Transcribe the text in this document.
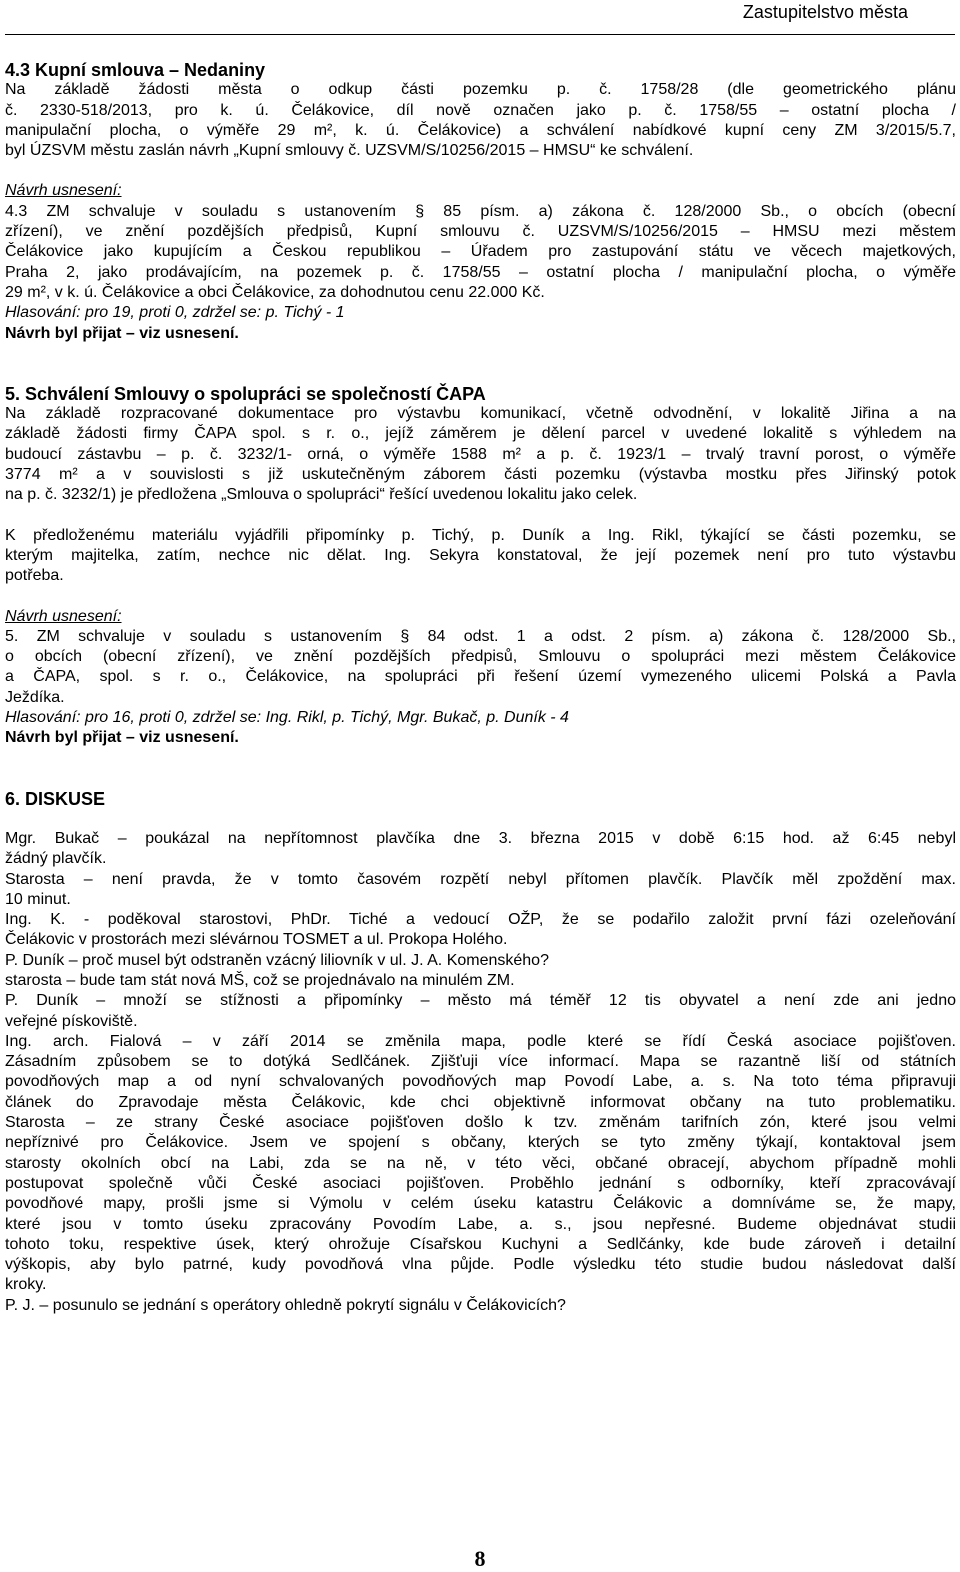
Zastupitelstvo města

4.3 Kupní smlouva – Nedaniny

Na základě žádosti města o odkup části pozemku p. č. 1758/28 (dle geometrického plánu

č. 2330-518/2013, pro k. ú. Čelákovice, díl nově označen jako p. č. 1758/55 – ostatní plocha /

manipulační plocha, o výměře 29 m², k. ú. Čelákovice) a schválení nabídkové kupní ceny ZM 3/2015/5.7,

byl ÚZSVM městu zaslán návrh „Kupní smlouvy č. UZSVM/S/10256/2015 – HMSU“ ke schválení.

Návrh usnesení:

4.3 ZM schvaluje v souladu s ustanovením § 85 písm. a) zákona č. 128/2000 Sb., o obcích (obecní

zřízení), ve znění pozdějších předpisů, Kupní smlouvu č. UZSVM/S/10256/2015 – HMSU mezi městem

Čelákovice jako kupujícím a Českou republikou – Úřadem pro zastupování státu ve věcech majetkových,

Praha 2, jako prodávajícím, na pozemek p. č. 1758/55 – ostatní plocha / manipulační plocha, o výměře

29 m², v k. ú. Čelákovice a obci Čelákovice, za dohodnutou cenu 22.000 Kč.

Hlasování: pro 19, proti 0, zdržel se: p. Tichý - 1

Návrh byl přijat – viz usnesení.

5. Schválení Smlouvy o spolupráci se společností ČAPA

Na základě rozpracované dokumentace pro výstavbu komunikací, včetně odvodnění, v lokalitě Jiřina a na

základě žádosti firmy ČAPA spol. s r. o., jejíž záměrem je dělení parcel v uvedené lokalitě s výhledem na

budoucí zástavbu – p. č. 3232/1- orná, o výměře 1588 m² a p. č. 1923/1 – trvalý travní porost, o výměře

3774 m² a v souvislosti s již uskutečněným záborem části pozemku (výstavba mostku přes Jiřinský potok

na p. č. 3232/1) je předložena „Smlouva o spolupráci“ řešící uvedenou lokalitu jako celek.

K předloženému materiálu vyjádřili připomínky p. Tichý, p. Duník a Ing. Rikl, týkající se části pozemku, se

kterým majitelka, zatím, nechce nic dělat. Ing. Sekyra konstatoval, že její pozemek není pro tuto výstavbu

potřeba.

Návrh usnesení:

5. ZM schvaluje v souladu s ustanovením § 84 odst. 1 a odst. 2 písm. a) zákona č. 128/2000 Sb.,

o obcích (obecní zřízení), ve znění pozdějších předpisů, Smlouvu o spolupráci mezi městem Čelákovice

a ČAPA, spol. s r. o., Čelákovice, na spolupráci při řešení území vymezeného ulicemi Polská a Pavla

Ježdíka.

Hlasování: pro 16, proti 0, zdržel se: Ing. Rikl, p. Tichý, Mgr. Bukač, p. Duník - 4

Návrh byl přijat – viz usnesení.

6. DISKUSE

Mgr. Bukač – poukázal na nepřítomnost plavčíka dne 3. března 2015 v době 6:15 hod. až 6:45 nebyl

žádný plavčík.

Starosta – není pravda, že v tomto časovém rozpětí nebyl přítomen plavčík. Plavčík měl zpoždění max.

10 minut.

Ing. K. - poděkoval starostovi, PhDr. Tiché a vedoucí OŽP, že se podařilo založit první fázi ozeleňování

Čelákovic v prostorách mezi slévárnou TOSMET a ul. Prokopa Holého.

P. Duník – proč musel být odstraněn vzácný liliovník v ul. J. A. Komenského?

starosta – bude tam stát nová MŠ, což se projednávalo na minulém ZM.

P. Duník – množí se stížnosti a připomínky – město má téměř 12 tis obyvatel a není zde ani jedno

veřejné pískoviště.

Ing. arch. Fialová – v září 2014 se změnila mapa, podle které se řídí Česká asociace pojišťoven.

Zásadním způsobem se to dotýká Sedlčánek. Zjišťuji více informací. Mapa se razantně liší od státních

povodňových map a od nyní schvalovaných povodňových map Povodí Labe, a. s. Na toto téma připravuji

článek do Zpravodaje města Čelákovic, kde chci objektivně informovat občany na tuto problematiku.

Starosta – ze strany České asociace pojišťoven došlo k tzv. změnám tarifních zón, které jsou velmi

nepříznivé pro Čelákovice. Jsem ve spojení s občany, kterých se tyto změny týkají, kontaktoval jsem

starosty okolních obcí na Labi, zda se na ně, v této věci, občané obracejí, abychom případně mohli

postupovat společně vůči České asociaci pojišťoven. Proběhlo jednání s odborníky, kteří zpracovávají

povodňové mapy, prošli jsme si Výmolu v celém úseku katastru Čelákovic a domníváme se, že mapy,

které jsou v tomto úseku zpracovány Povodím Labe, a. s., jsou nepřesné. Budeme objednávat studii

tohoto toku, respektive úsek, který ohrožuje Císařskou Kuchyni a Sedlčánky, kde bude zároveň i detailní

výškopis, aby bylo patrné, kudy povodňová vlna půjde. Podle výsledku této studie budou následovat další

kroky.

P. J. – posunulo se jednání s operátory ohledně pokrytí signálu v Čelákovicích?

8
